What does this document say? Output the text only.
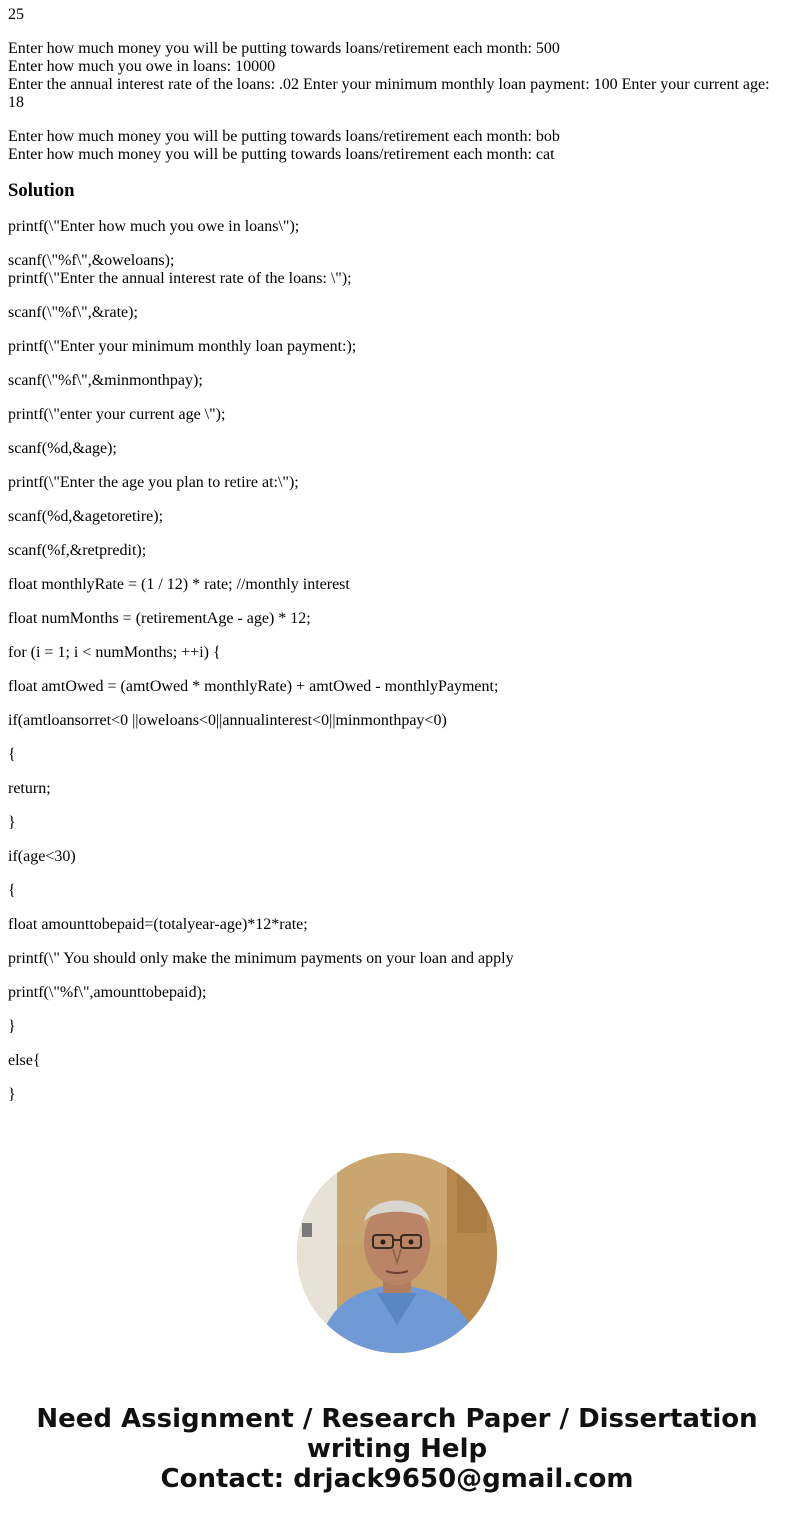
25
Enter how much money you will be putting towards loans/retirement each month: 500
Enter how much you owe in loans: 10000
Enter the annual interest rate of the loans: .02 Enter your minimum monthly loan payment: 100 Enter your current age: 18
Enter how much money you will be putting towards loans/retirement each month: bob
Enter how much money you will be putting towards loans/retirement each month: cat
Solution

printf(\"Enter how much you owe in loans\");

scanf(\"%f\",&oweloans);

printf(\"Enter the annual interest rate of the loans: \");

scanf(\"%f\",&rate);

printf(\"Enter your minimum monthly loan payment:);

scanf(\"%f\",&minmonthpay);

printf(\"enter your current age \");

scanf(%d,&age);

printf(\"Enter the age you plan to retire at:\");

scanf(%d,&agetoretire);

scanf(%f,&retpredit);

float monthlyRate = (1 / 12) * rate; //monthly interest

float numMonths = (retirementAge - age) * 12;

for (i = 1; i < numMonths; ++i) {

float amtOwed = (amtOwed * monthlyRate) + amtOwed - monthlyPayment;

if(amtloansorret<0 ||oweloans<0||annualinterest<0||minmonthpay<0)

{

return;

}

if(age<30)

{

float amounttobepaid=(totalyear-age)*12*rate;

printf(\" You should only make the minimum payments on your loan and apply

printf(\"%f\",amounttobepaid);

}

else{

}

Need Assignment / Research Paper / Dissertation
writing Help
Contact: drjack9650@gmail.com
